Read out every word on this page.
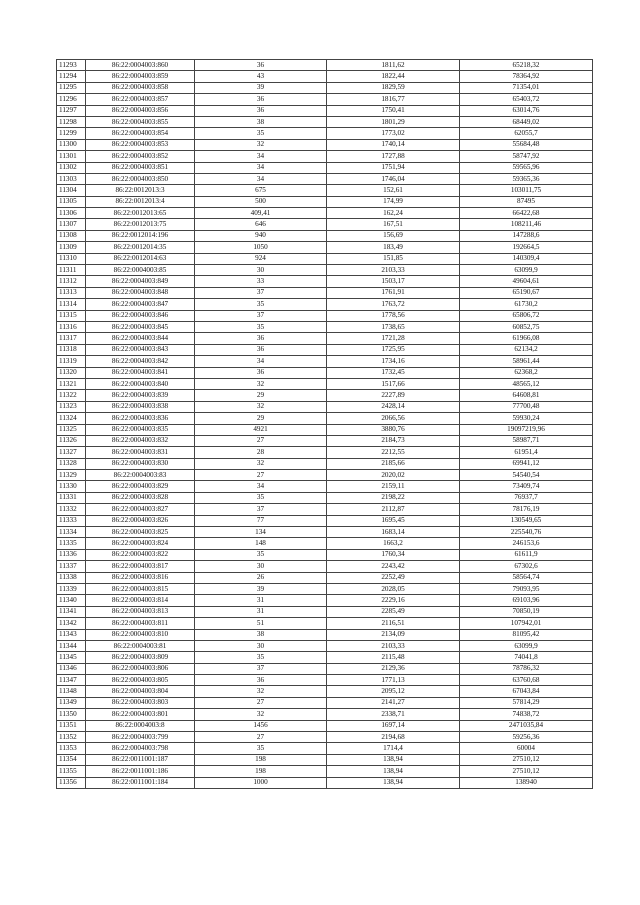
11293	86:22:0004003:860	36	1811,62	65218,32
11294	86:22:0004003:859	43	1822,44	78364,92
11295	86:22:0004003:858	39	1829,59	71354,01
11296	86:22:0004003:857	36	1816,77	65403,72
11297	86:22:0004003:856	36	1750,41	63014,76
11298	86:22:0004003:855	38	1801,29	68449,02
11299	86:22:0004003:854	35	1773,02	62055,7
11300	86:22:0004003:853	32	1740,14	55684,48
11301	86:22:0004003:852	34	1727,88	58747,92
11302	86:22:0004003:851	34	1751,94	59565,96
11303	86:22:0004003:850	34	1746,04	59365,36
11304	86:22:0012013:3	675	152,61	103011,75
11305	86:22:0012013:4	500	174,99	87495
11306	86:22:0012013:65	409,41	162,24	66422,68
11307	86:22:0012013:75	646	167,51	108211,46
11308	86:22:0012014:196	940	156,69	147288,6
11309	86:22:0012014:35	1050	183,49	192664,5
11310	86:22:0012014:63	924	151,85	140309,4
11311	86:22:0004003:85	30	2103,33	63099,9
11312	86:22:0004003:849	33	1503,17	49604,61
11313	86:22:0004003:848	37	1761,91	65190,67
11314	86:22:0004003:847	35	1763,72	61730,2
11315	86:22:0004003:846	37	1778,56	65806,72
11316	86:22:0004003:845	35	1738,65	60852,75
11317	86:22:0004003:844	36	1721,28	61966,08
11318	86:22:0004003:843	36	1725,95	62134,2
11319	86:22:0004003:842	34	1734,16	58961,44
11320	86:22:0004003:841	36	1732,45	62368,2
11321	86:22:0004003:840	32	1517,66	48565,12
11322	86:22:0004003:839	29	2227,89	64608,81
11323	86:22:0004003:838	32	2428,14	77700,48
11324	86:22:0004003:836	29	2066,56	59930,24
11325	86:22:0004003:835	4921	3880,76	19097219,96
11326	86:22:0004003:832	27	2184,73	58987,71
11327	86:22:0004003:831	28	2212,55	61951,4
11328	86:22:0004003:830	32	2185,66	69941,12
11329	86:22:0004003:83	27	2020,02	54540,54
11330	86:22:0004003:829	34	2159,11	73409,74
11331	86:22:0004003:828	35	2198,22	76937,7
11332	86:22:0004003:827	37	2112,87	78176,19
11333	86:22:0004003:826	77	1695,45	130549,65
11334	86:22:0004003:825	134	1683,14	225540,76
11335	86:22:0004003:824	148	1663,2	246153,6
11336	86:22:0004003:822	35	1760,34	61611,9
11337	86:22:0004003:817	30	2243,42	67302,6
11338	86:22:0004003:816	26	2252,49	58564,74
11339	86:22:0004003:815	39	2028,05	79093,95
11340	86:22:0004003:814	31	2229,16	69103,96
11341	86:22:0004003:813	31	2285,49	70850,19
11342	86:22:0004003:811	51	2116,51	107942,01
11343	86:22:0004003:810	38	2134,09	81095,42
11344	86:22:0004003:81	30	2103,33	63099,9
11345	86:22:0004003:809	35	2115,48	74041,8
11346	86:22:0004003:806	37	2129,36	78786,32
11347	86:22:0004003:805	36	1771,13	63760,68
11348	86:22:0004003:804	32	2095,12	67043,84
11349	86:22:0004003:803	27	2141,27	57814,29
11350	86:22:0004003:801	32	2338,71	74838,72
11351	86:22:0004003:8	1456	1697,14	2471035,84
11352	86:22:0004003:799	27	2194,68	59256,36
11353	86:22:0004003:798	35	1714,4	60004
11354	86:22:0011001:187	198	138,94	27510,12
11355	86:22:0011001:186	198	138,94	27510,12
11356	86:22:0011001:184	1000	138,94	138940
